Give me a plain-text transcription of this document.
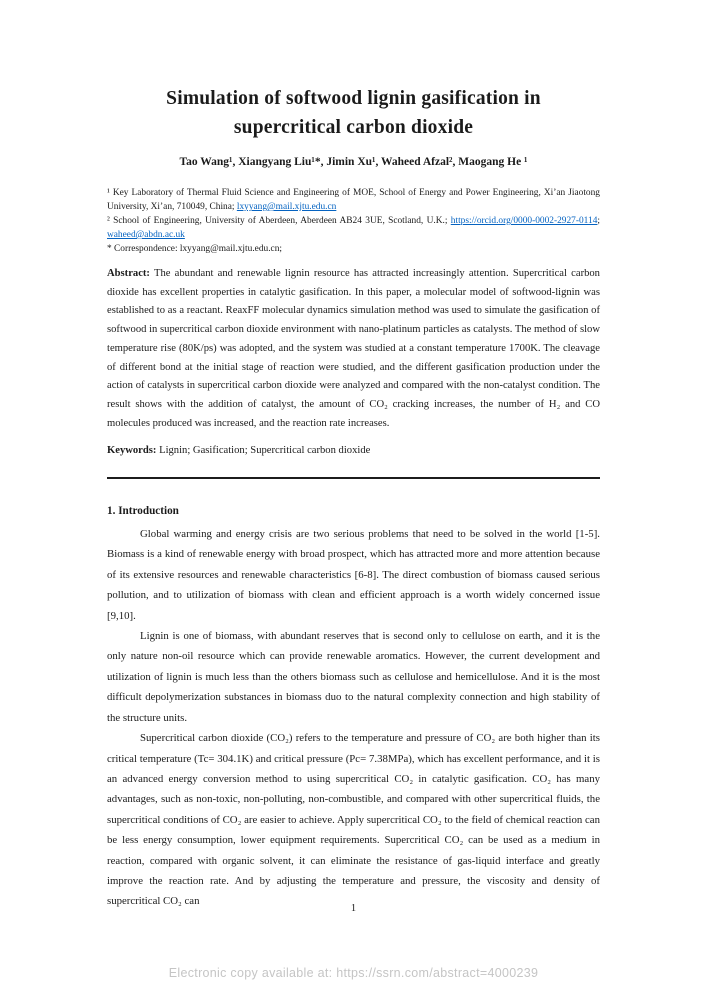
Simulation of softwood lignin gasification in
supercritical carbon dioxide
Tao Wang¹, Xiangyang Liu¹*, Jimin Xu¹, Waheed Afzal², Maogang He ¹

¹ Key Laboratory of Thermal Fluid Science and Engineering of MOE, School of Energy and Power Engineering, Xi’an Jiaotong University, Xi’an, 710049, China; lxyyang@mail.xjtu.edu.cn

² School of Engineering, University of Aberdeen, Aberdeen AB24 3UE, Scotland, U.K.; https://orcid.org/0000-0002-2927-0114; waheed@abdn.ac.uk

* Correspondence: lxyyang@mail.xjtu.edu.cn;

Abstract: The abundant and renewable lignin resource has attracted increasingly attention. Supercritical carbon dioxide has excellent properties in catalytic gasification. In this paper, a molecular model of softwood-lignin was established to as a reactant. ReaxFF molecular dynamics simulation method was used to simulate the gasification of softwood in supercritical carbon dioxide environment with nano-platinum particles as catalysts. The method of slow temperature rise (80K/ps) was adopted, and the system was studied at a constant temperature 1700K. The cleavage of different bond at the initial stage of reaction were studied, and the different gasification production under the action of catalysts in supercritical carbon dioxide were analyzed and compared with the non-catalyst condition. The result shows with the addition of catalyst, the amount of CO₂ cracking increases, the number of H₂ and CO molecules produced was increased, and the reaction rate increases.

Keywords: Lignin; Gasification; Supercritical carbon dioxide

1. Introduction

Global warming and energy crisis are two serious problems that need to be solved in the world [1-5]. Biomass is a kind of renewable energy with broad prospect, which has attracted more and more attention because of its extensive resources and renewable characteristics [6-8]. The direct combustion of biomass caused serious pollution, and to utilization of biomass with clean and efficient approach is a worth widely concerned issue [9,10].

Lignin is one of biomass, with abundant reserves that is second only to cellulose on earth, and it is the only nature non-oil resource which can provide renewable aromatics. However, the current development and utilization of lignin is much less than the others biomass such as cellulose and hemicellulose. And it is the most difficult depolymerization substances in biomass duo to the natural complexity connection and high stability of the structure units.

Supercritical carbon dioxide (CO₂) refers to the temperature and pressure of CO₂ are both higher than its critical temperature (Tc= 304.1K) and critical pressure (Pc= 7.38MPa), which has excellent performance, and it is an advanced energy conversion method to using supercritical CO₂ in catalytic gasification. CO₂ has many advantages, such as non-toxic, non-polluting, non-combustible, and compared with other supercritical fluids, the supercritical conditions of CO₂ are easier to achieve. Apply supercritical CO₂ to the field of chemical reaction can be less energy consumption, lower equipment requirements. Supercritical CO₂ can be used as a medium in reaction, compared with organic solvent, it can eliminate the resistance of gas-liquid interface and greatly improve the reaction rate. And by adjusting the temperature and pressure, the viscosity and density of supercritical CO₂ can

1
Electronic copy available at: https://ssrn.com/abstract=4000239
